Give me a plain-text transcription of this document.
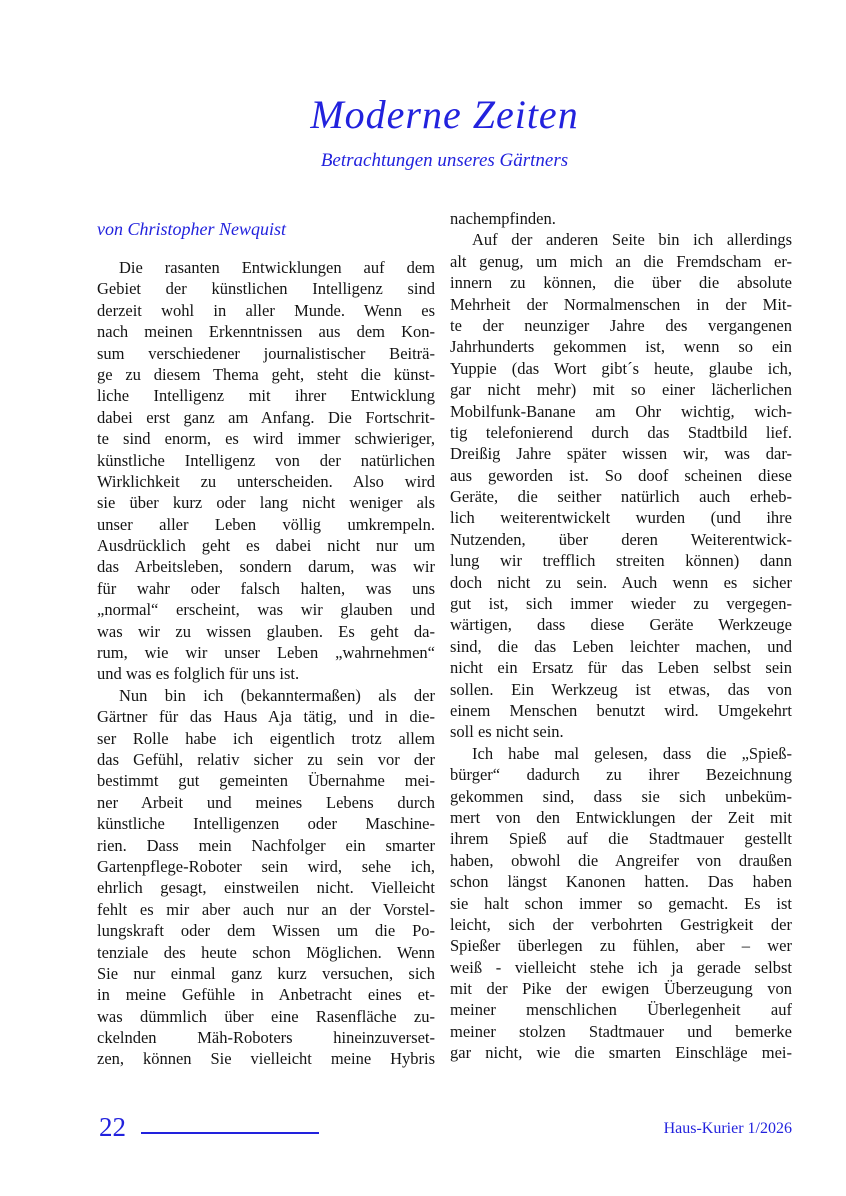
Moderne Zeiten
Betrachtungen unseres Gärtners
von Christopher Newquist
Die rasanten Entwicklungen auf dem
Gebiet der künstlichen Intelligenz sind
derzeit wohl in aller Munde. Wenn es
nach meinen Erkenntnissen aus dem Kon-
sum verschiedener journalistischer Beiträ-
ge zu diesem Thema geht, steht die künst-
liche Intelligenz mit ihrer Entwicklung
dabei erst ganz am Anfang. Die Fortschrit-
te sind enorm, es wird immer schwieriger,
künstliche Intelligenz von der natürlichen
Wirklichkeit zu unterscheiden. Also wird
sie über kurz oder lang nicht weniger als
unser aller Leben völlig umkrempeln.
Ausdrücklich geht es dabei nicht nur um
das Arbeitsleben, sondern darum, was wir
für wahr oder falsch halten, was uns
„normal“ erscheint, was wir glauben und
was wir zu wissen glauben. Es geht da-
rum, wie wir unser Leben „wahrnehmen“
und was es folglich für uns ist.
Nun bin ich (bekanntermaßen) als der
Gärtner für das Haus Aja tätig, und in die-
ser Rolle habe ich eigentlich trotz allem
das Gefühl, relativ sicher zu sein vor der
bestimmt gut gemeinten Übernahme mei-
ner Arbeit und meines Lebens durch
künstliche Intelligenzen oder Maschine-
rien. Dass mein Nachfolger ein smarter
Gartenpflege-Roboter sein wird, sehe ich,
ehrlich gesagt, einstweilen nicht. Vielleicht
fehlt es mir aber auch nur an der Vorstel-
lungskraft oder dem Wissen um die Po-
tenziale des heute schon Möglichen. Wenn
Sie nur einmal ganz kurz versuchen, sich
in meine Gefühle in Anbetracht eines et-
was dümmlich über eine Rasenfläche zu-
ckelnden Mäh-Roboters hineinzuverset-
zen, können Sie vielleicht meine Hybris
nachempfinden.
Auf der anderen Seite bin ich allerdings
alt genug, um mich an die Fremdscham er-
innern zu können, die über die absolute
Mehrheit der Normalmenschen in der Mit-
te der neunziger Jahre des vergangenen
Jahrhunderts gekommen ist, wenn so ein
Yuppie (das Wort gibt´s heute, glaube ich,
gar nicht mehr) mit so einer lächerlichen
Mobilfunk-Banane am Ohr wichtig, wich-
tig telefonierend durch das Stadtbild lief.
Dreißig Jahre später wissen wir, was dar-
aus geworden ist. So doof scheinen diese
Geräte, die seither natürlich auch erheb-
lich weiterentwickelt wurden (und ihre
Nutzenden, über deren Weiterentwick-
lung wir trefflich streiten können) dann
doch nicht zu sein. Auch wenn es sicher
gut ist, sich immer wieder zu vergegen-
wärtigen, dass diese Geräte Werkzeuge
sind, die das Leben leichter machen, und
nicht ein Ersatz für das Leben selbst sein
sollen. Ein Werkzeug ist etwas, das von
einem Menschen benutzt wird. Umgekehrt
soll es nicht sein.
Ich habe mal gelesen, dass die „Spieß-
bürger“ dadurch zu ihrer Bezeichnung
gekommen sind, dass sie sich unbeküm-
mert von den Entwicklungen der Zeit mit
ihrem Spieß auf die Stadtmauer gestellt
haben, obwohl die Angreifer von draußen
schon längst Kanonen hatten. Das haben
sie halt schon immer so gemacht. Es ist
leicht, sich der verbohrten Gestrigkeit der
Spießer überlegen zu fühlen, aber – wer
weiß - vielleicht stehe ich ja gerade selbst
mit der Pike der ewigen Überzeugung von
meiner menschlichen Überlegenheit auf
meiner stolzen Stadtmauer und bemerke
gar nicht, wie die smarten Einschläge mei-
22	Haus-Kurier 1/2026
